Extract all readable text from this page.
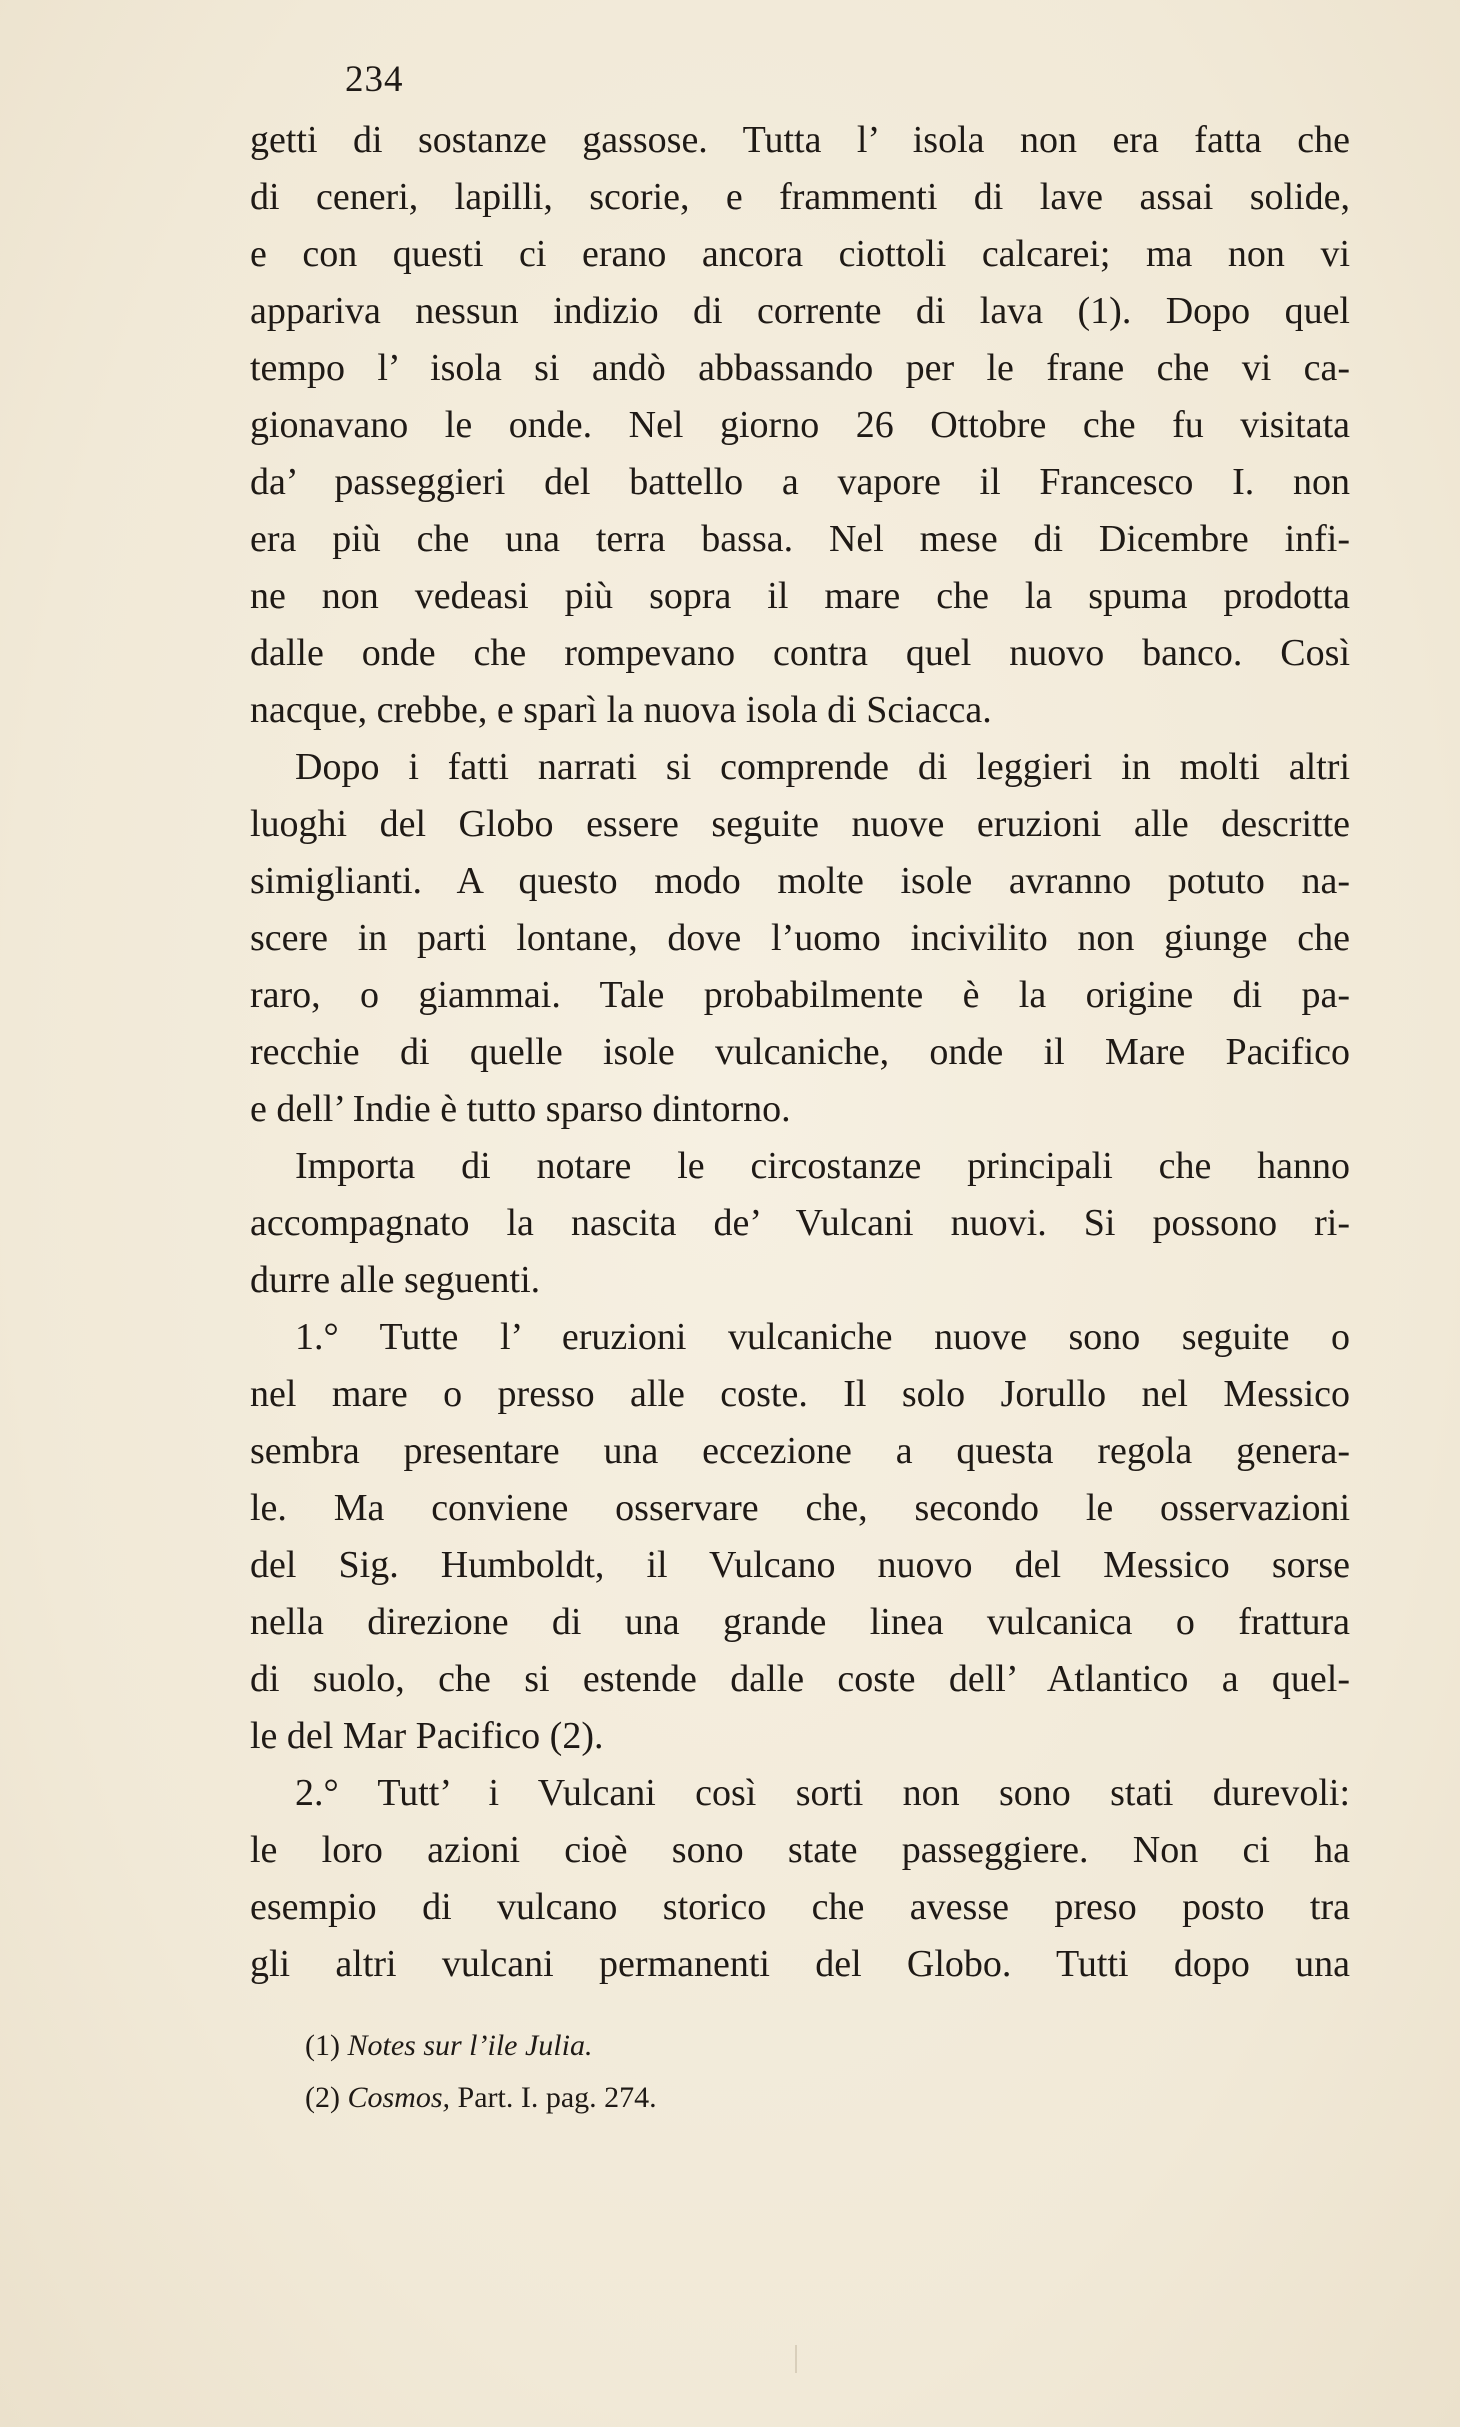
234
getti di sostanze gassose. Tutta l’ isola non era fatta che
di ceneri, lapilli, scorie, e frammenti di lave assai solide,
e con questi ci erano ancora ciottoli calcarei; ma non vi
appariva nessun indizio di corrente di lava (1). Dopo quel
tempo l’ isola si andò abbassando per le frane che vi ca-
gionavano le onde. Nel giorno 26 Ottobre che fu visitata
da’ passeggieri del battello a vapore il Francesco I. non
era più che una terra bassa. Nel mese di Dicembre infi-
ne non vedeasi più sopra il mare che la spuma prodotta
dalle onde che rompevano contra quel nuovo banco. Così
nacque, crebbe, e sparì la nuova isola di Sciacca.
Dopo i fatti narrati si comprende di leggieri in molti altri
luoghi del Globo essere seguite nuove eruzioni alle descritte
simiglianti. A questo modo molte isole avranno potuto na-
scere in parti lontane, dove l’uomo incivilito non giunge che
raro, o giammai. Tale probabilmente è la origine di pa-
recchie di quelle isole vulcaniche, onde il Mare Pacifico
e dell’ Indie è tutto sparso dintorno.
Importa di notare le circostanze principali che hanno
accompagnato la nascita de’ Vulcani nuovi. Si possono ri-
durre alle seguenti.
1.° Tutte l’ eruzioni vulcaniche nuove sono seguite o
nel mare o presso alle coste. Il solo Jorullo nel Messico
sembra presentare una eccezione a questa regola genera-
le. Ma conviene osservare che, secondo le osservazioni
del Sig. Humboldt, il Vulcano nuovo del Messico sorse
nella direzione di una grande linea vulcanica o frattura
di suolo, che si estende dalle coste dell’ Atlantico a quel-
le del Mar Pacifico (2).
2.° Tutt’ i Vulcani così sorti non sono stati durevoli:
le loro azioni cioè sono state passeggiere. Non ci ha
esempio di vulcano storico che avesse preso posto tra
gli altri vulcani permanenti del Globo. Tutti dopo una
(1) Notes sur l’ile Julia.
(2) Cosmos, Part. I. pag. 274.
